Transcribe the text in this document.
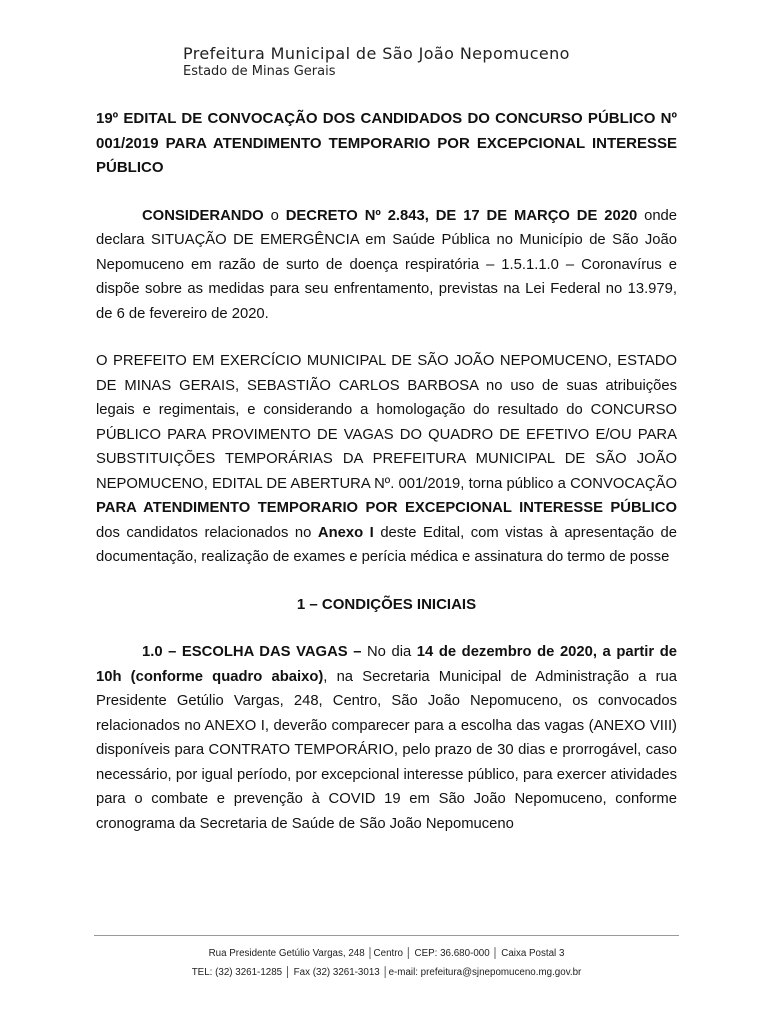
Prefeitura Municipal de São João Nepomuceno
Estado de Minas Gerais
19º EDITAL DE CONVOCAÇÃO DOS CANDIDADOS DO CONCURSO PÚBLICO Nº 001/2019 PARA ATENDIMENTO TEMPORARIO POR EXCEPCIONAL INTERESSE PÚBLICO
CONSIDERANDO o DECRETO Nº 2.843, DE 17 DE MARÇO DE 2020 onde declara SITUAÇÃO DE EMERGÊNCIA em Saúde Pública no Município de São João Nepomuceno em razão de surto de doença respiratória – 1.5.1.1.0 – Coronavírus e dispõe sobre as medidas para seu enfrentamento, previstas na Lei Federal no 13.979, de 6 de fevereiro de 2020.
O PREFEITO EM EXERCÍCIO MUNICIPAL DE SÃO JOÃO NEPOMUCENO, ESTADO DE MINAS GERAIS, SEBASTIÃO CARLOS BARBOSA no uso de suas atribuições legais e regimentais, e considerando a homologação do resultado do CONCURSO PÚBLICO PARA PROVIMENTO DE VAGAS DO QUADRO DE EFETIVO E/OU PARA SUBSTITUIÇÕES TEMPORÁRIAS DA PREFEITURA MUNICIPAL DE SÃO JOÃO NEPOMUCENO, EDITAL DE ABERTURA Nº. 001/2019, torna público a CONVOCAÇÃO PARA ATENDIMENTO TEMPORARIO POR EXCEPCIONAL INTERESSE PÚBLICO dos candidatos relacionados no Anexo I deste Edital, com vistas à apresentação de documentação, realização de exames e perícia médica e assinatura do termo de posse
1 – CONDIÇÕES INICIAIS
1.0 – ESCOLHA DAS VAGAS – No dia 14 de dezembro de 2020, a partir de 10h (conforme quadro abaixo), na Secretaria Municipal de Administração a rua Presidente Getúlio Vargas, 248, Centro, São João Nepomuceno, os convocados relacionados no ANEXO I, deverão comparecer para a escolha das vagas (ANEXO VIII) disponíveis para CONTRATO TEMPORÁRIO, pelo prazo de 30 dias e prorrogável, caso necessário, por igual período, por excepcional interesse público, para exercer atividades para o combate e prevenção à COVID 19 em São João Nepomuceno, conforme cronograma da Secretaria de Saúde de São João Nepomuceno
Rua Presidente Getúlio Vargas, 248 │Centro │ CEP: 36.680-000 │ Caixa Postal 3
TEL: (32) 3261-1285 │ Fax (32) 3261-3013 │e-mail: prefeitura@sjnepomuceno.mg.gov.br
